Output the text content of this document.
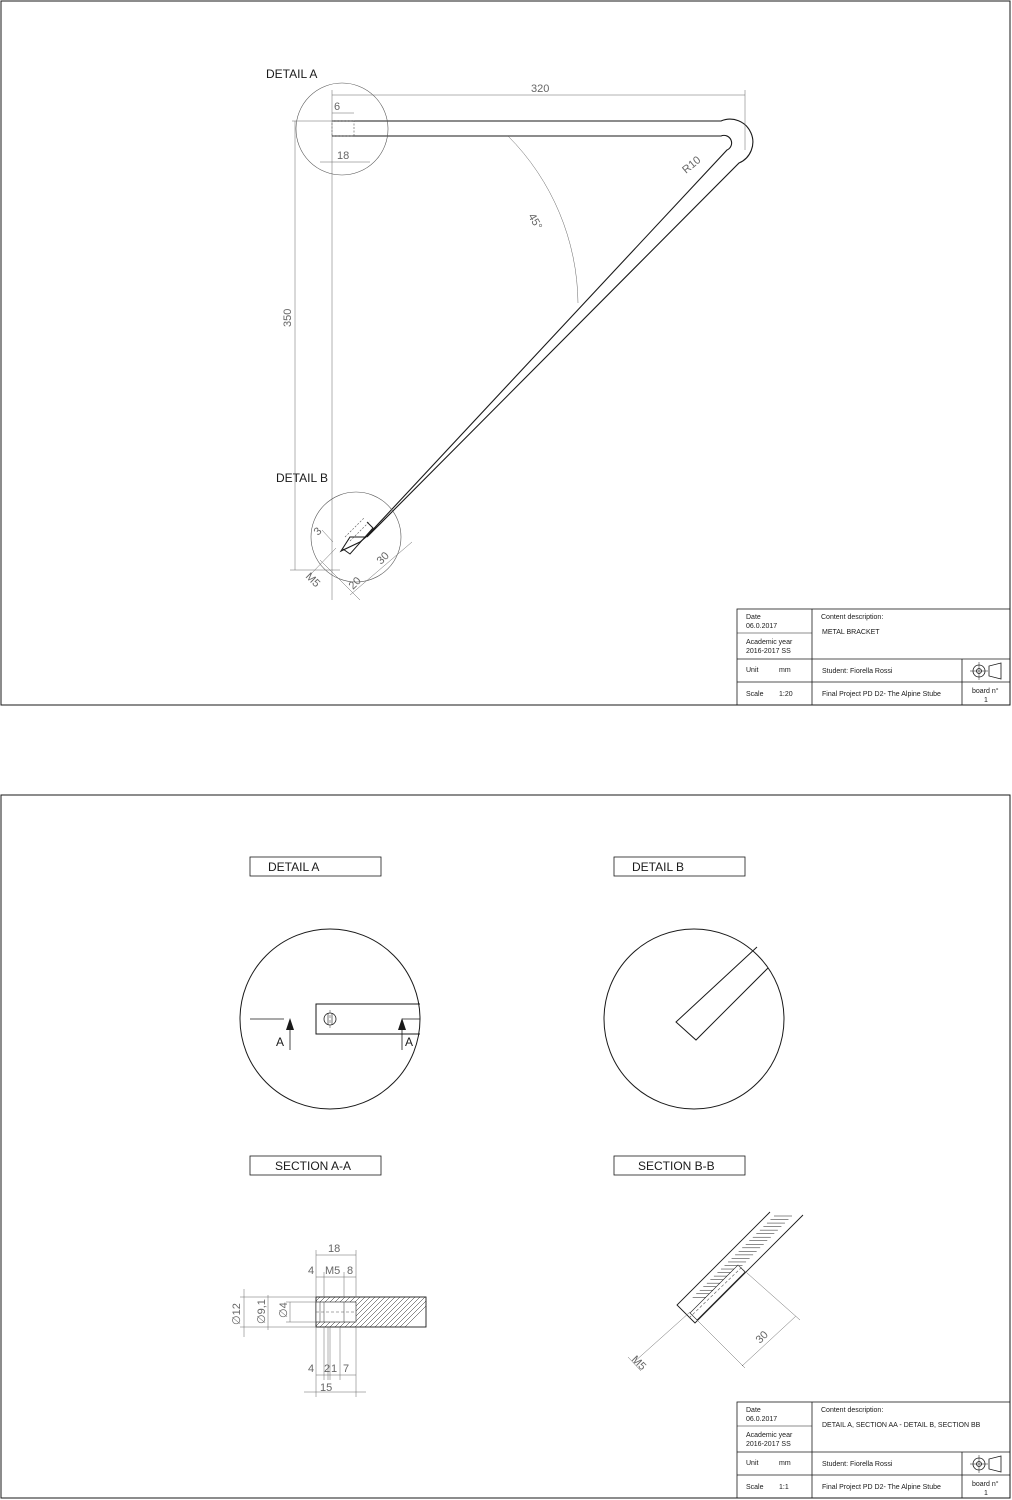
DETAIL A
DETAIL B
320
350
6
18	R10
45°
3
30
20
M5
Date
06.0.2017
Academic year
2016-2017 SS
Unit	mm
Scale 1:20
Content description:
METAL BRACKET
Student: Fiorella Rossi
Final Project PD D2- The Alpine Stube	board n°
1
DETAIL A	DETAIL B
SECTION A-A	SECTION B-B
A	A
18
4 M5 8
∅12 ∅9,1 ∅4
4 2 1 7
15
30
M5
Date
06.0.2017
Academic year
2016-2017 SS
Unit	mm
Scale 1:1
Content description:
DETAIL A, SECTION AA - DETAIL B, SECTION BB
Student: Fiorella Rossi
Final Project PD D2- The Alpine Stube	board n°
1
